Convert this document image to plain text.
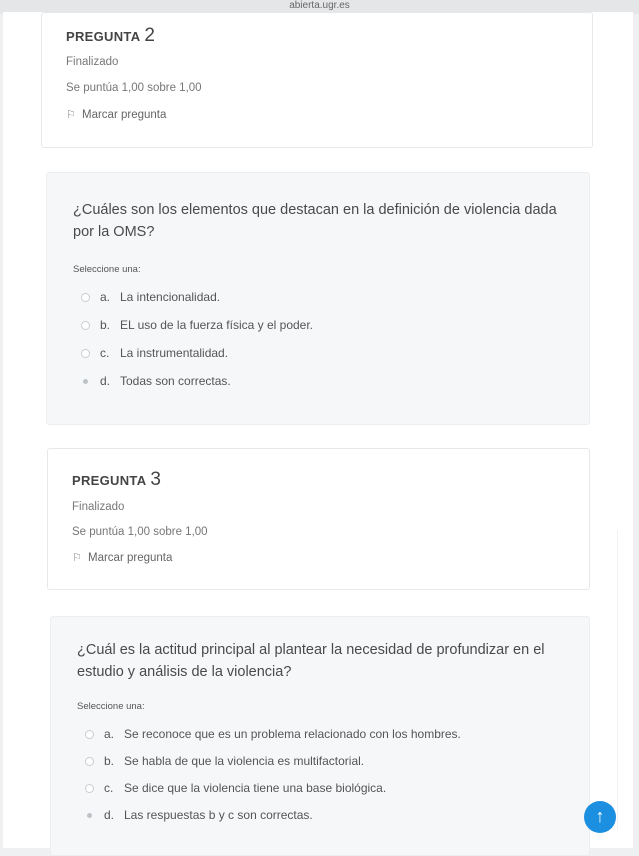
abierta.ugr.es
PREGUNTA 2
Finalizado
Se puntúa 1,00 sobre 1,00
⚐ Marcar pregunta
¿Cuáles son los elementos que destacan en la definición de violencia dada por la OMS?
Seleccione una:
a. La intencionalidad.
b. EL uso de la fuerza física y el poder.
c. La instrumentalidad.
d. Todas son correctas.
PREGUNTA 3
Finalizado
Se puntúa 1,00 sobre 1,00
⚐ Marcar pregunta
¿Cuál es la actitud principal al plantear la necesidad de profundizar en el estudio y análisis de la violencia?
Seleccione una:
a. Se reconoce que es un problema relacionado con los hombres.
b. Se habla de que la violencia es multifactorial.
c. Se dice que la violencia tiene una base biológica.
d. Las respuestas b y c son correctas.	↑
